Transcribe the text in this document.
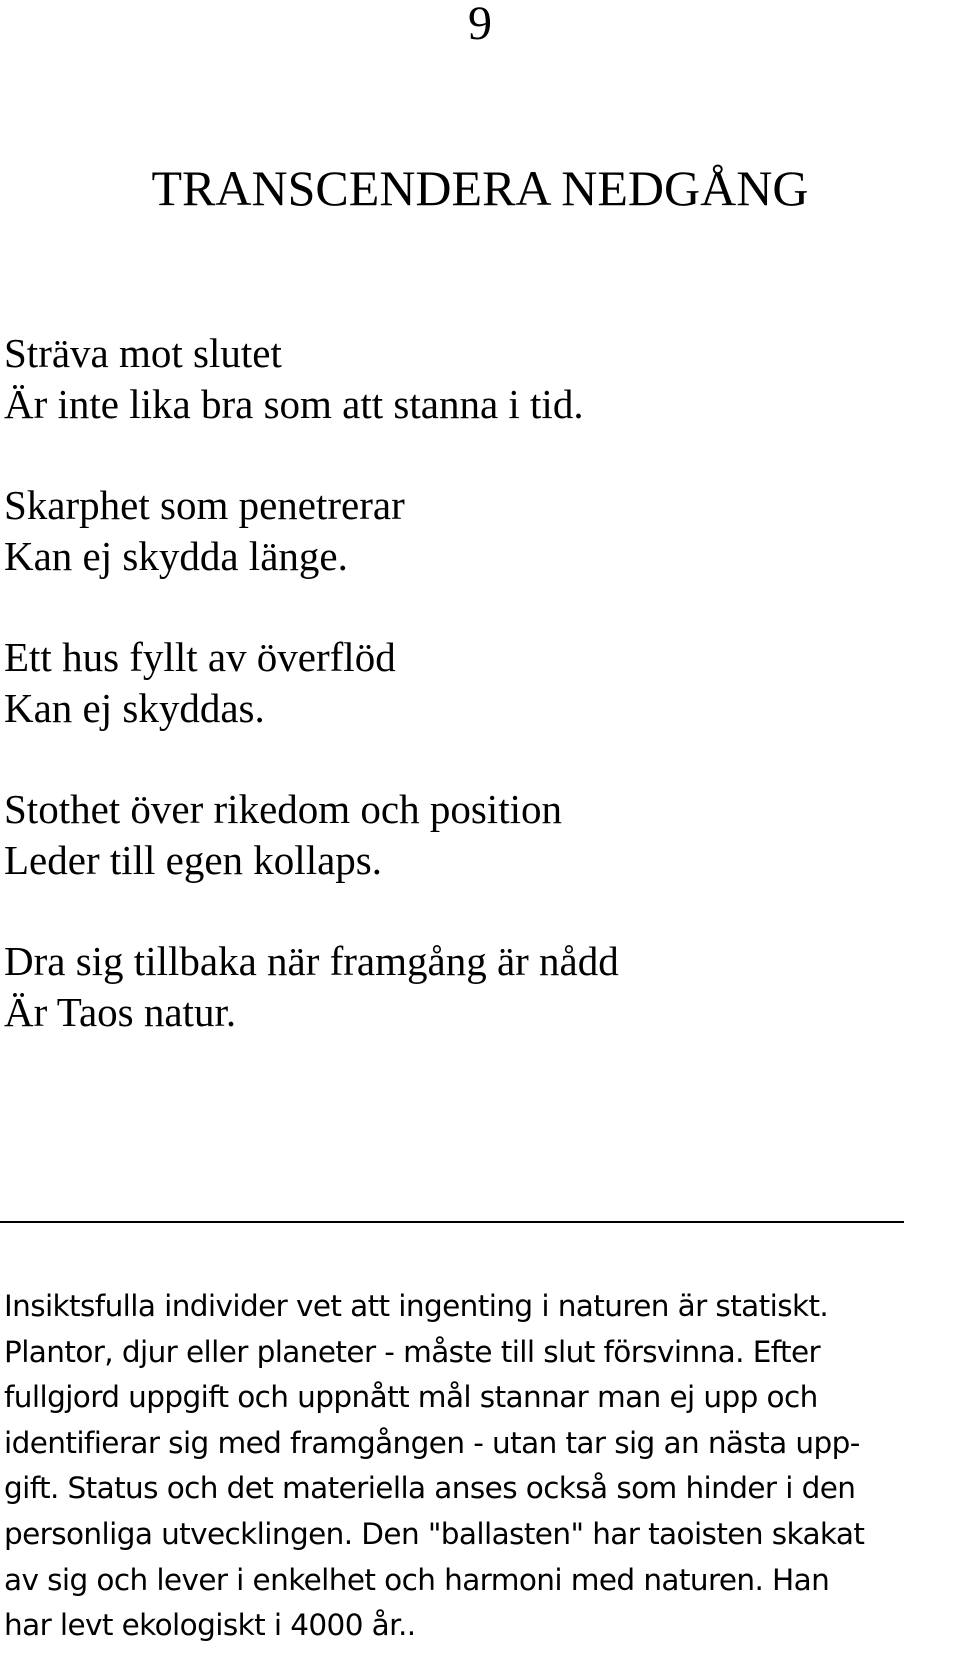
9
TRANSCENDERA NEDGÅNG
Sträva mot slutet
Är inte lika bra som att stanna i tid.
Skarphet som penetrerar
Kan ej skydda länge.
Ett hus fyllt av överflöd
Kan ej skyddas.
Stothet över rikedom och position
Leder till egen kollaps.
Dra sig tillbaka när framgång är nådd
Är Taos natur.

Insiktsfulla individer vet att ingenting i naturen är statiskt.
Plantor, djur eller planeter - måste till slut försvinna. Efter
fullgjord uppgift och uppnått mål stannar man ej upp och
identifierar sig med framgången - utan tar sig an nästa upp-
gift. Status och det materiella anses också som hinder i den
personliga utvecklingen. Den "ballasten" har taoisten skakat
av sig och lever i enkelhet och harmoni med naturen. Han
har levt ekologiskt i 4000 år..
